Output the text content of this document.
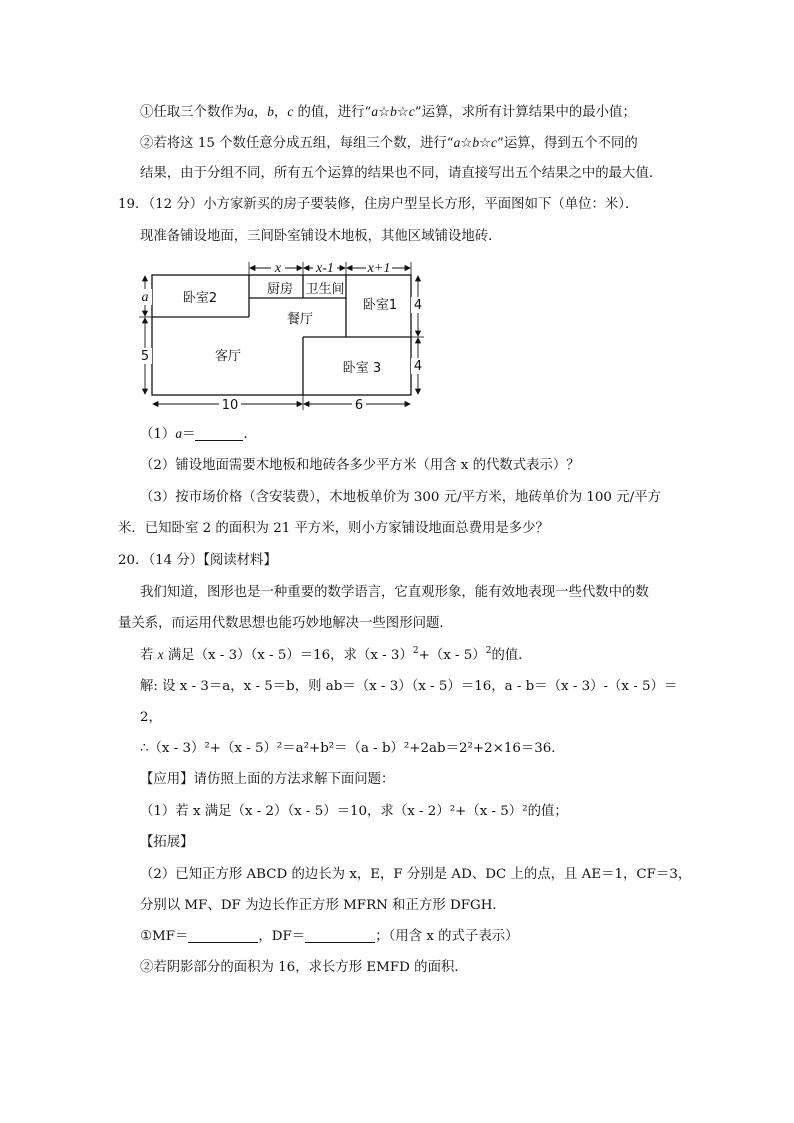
①任取三个数作为a，b，c 的值，进行“a☆b☆c”运算，求所有计算结果中的最小值；
②若将这 15 个数任意分成五组，每组三个数，进行“a☆b☆c”运算，得到五个不同的
结果，由于分组不同，所有五个运算的结果也不同，请直接写出五个结果之中的最大值．
19．（12 分）小方家新买的房子要装修，住房户型呈长方形，平面图如下（单位：米）．
现准备铺设地面，三间卧室铺设木地板，其他区域铺设地砖．
卧室2
厨房 卫生间
卧室1
餐厅
客厅
卧室 3
x x-1 x+1
a
5
4
4
10	6
（1）a＝	．
（2）铺设地面需要木地板和地砖各多少平方米（用含 x 的代数式表示）？
（3）按市场价格（含安装费），木地板单价为 300 元/平方米，地砖单价为 100 元/平方
米．已知卧室 2 的面积为 21 平方米，则小方家铺设地面总费用是多少？
20．（14 分）【阅读材料】
我们知道，图形也是一种重要的数学语言，它直观形象，能有效地表现一些代数中的数
量关系，而运用代数思想也能巧妙地解决一些图形问题．
若 x 满足（x - 3）（x - 5）＝16，求（x - 3）$^2$+（x - 5）$^2$的值．
解: 设 x - 3＝a，x - 5＝b，则 ab＝（x - 3）（x - 5）＝16，a - b＝（x - 3）-（x - 5）＝
2，
∴（x - 3）²+（x - 5）²＝a²+b²＝（a - b）²+2ab＝2²+2×16＝36．
【应用】请仿照上面的方法求解下面问题：
（1）若 x 满足（x - 2）（x - 5）＝10，求（x - 2）²+（x - 5）²的值；
【拓展】
（2）已知正方形 ABCD 的边长为 x，E，F 分别是 AD、DC 上的点，且 AE＝1，CF＝3，
分别以 MF、DF 为边长作正方形 MFRN 和正方形 DFGH．
①MF＝	，DF＝	；（用含 x 的式子表示）
②若阴影部分的面积为 16，求长方形 EMFD 的面积．
